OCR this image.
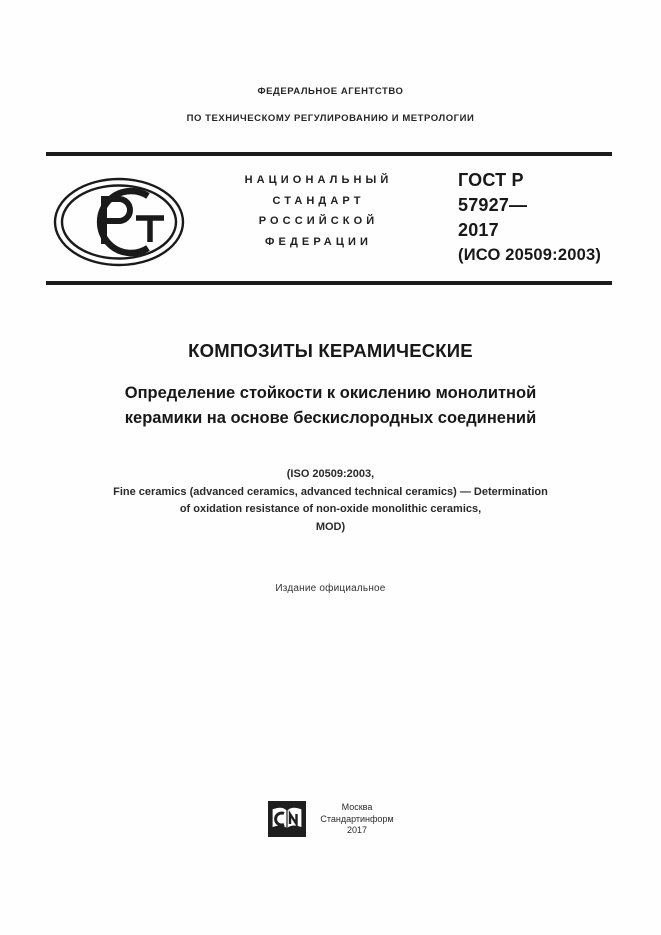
ФЕДЕРАЛЬНОЕ АГЕНТСТВО
ПО ТЕХНИЧЕСКОМУ РЕГУЛИРОВАНИЮ И МЕТРОЛОГИИ
НАЦИОНАЛЬНЫЙ
СТАНДАРТ
РОССИЙСКОЙ
ФЕДЕРАЦИИ
ГОСТ Р
57927—
2017
(ИСО 20509:2003)
КОМПОЗИТЫ КЕРАМИЧЕСКИЕ
Определение стойкости к окислению монолитной
керамики на основе бескислородных соединений
(ISO 20509:2003,
Fine ceramics (advanced ceramics, advanced technical ceramics) — Determination
of oxidation resistance of non-oxide monolithic ceramics,
MOD)
Издание официальное
Москва
Стандартинформ
2017
